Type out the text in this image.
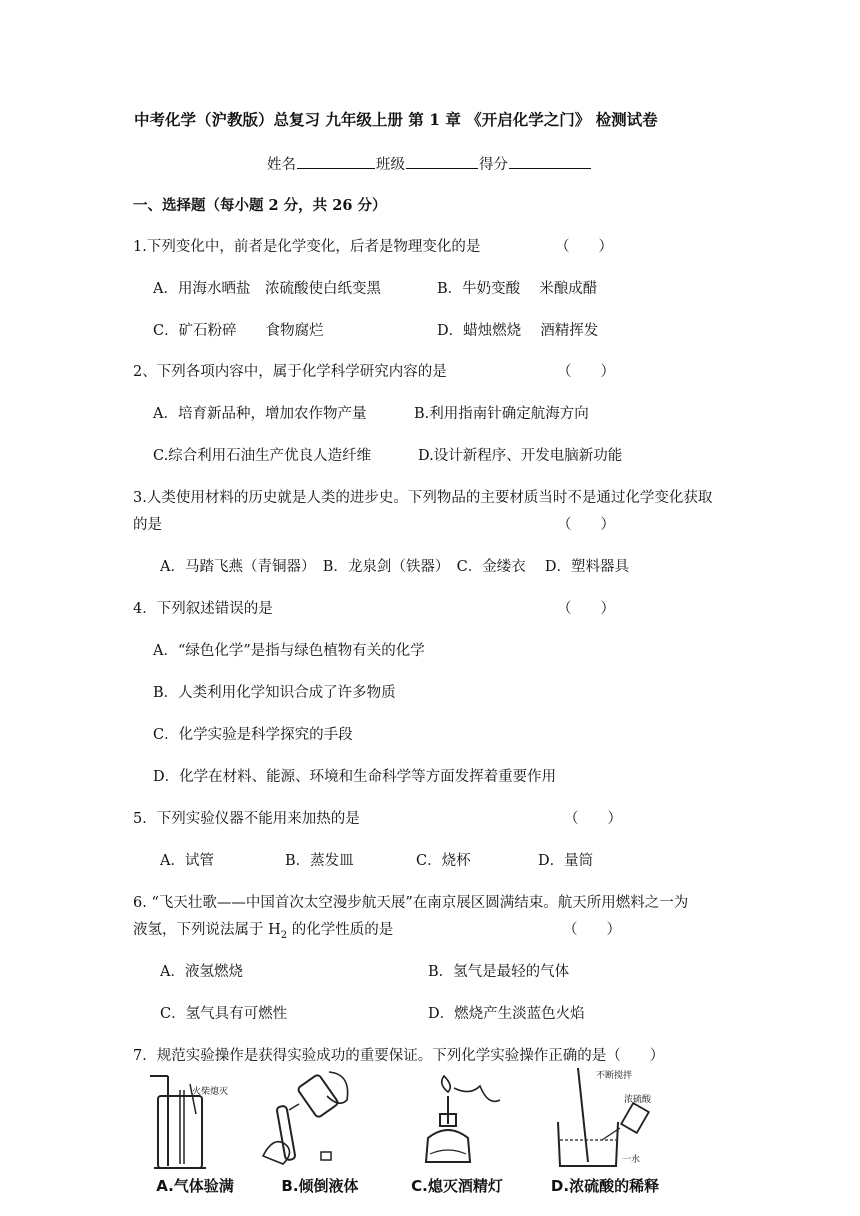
中考化学（沪教版）总复习 九年级上册 第 1 章 《开启化学之门》 检测试卷
姓名	班级	得分
一、选择题（每小题 2 分，共 26 分）
1.下列变化中，前者是化学变化，后者是物理变化的是	（　　）
A．用海水晒盐　浓硫酸使白纸变黑	B．牛奶变酸　 米酿成醋
C．矿石粉碎　　食物腐烂	D．蜡烛燃烧　 酒精挥发
2、下列各项内容中，属于化学科学研究内容的是	（　　）
A．培育新品种，增加农作物产量	B.利用指南针确定航海方向
C.综合利用石油生产优良人造纤维	D.设计新程序、开发电脑新功能
3.人类使用材料的历史就是人类的进步史。下列物品的主要材质当时不是通过化学变化获取
的是	（　　）
A．马踏飞燕（青铜器）　B．龙泉剑（铁器）　C．金缕衣　 D．塑料器具
4．下列叙述错误的是	（　　）
A．“绿色化学”是指与绿色植物有关的化学
B．人类利用化学知识合成了许多物质
C．化学实验是科学探究的手段
D．化学在材料、能源、环境和生命科学等方面发挥着重要作用
5．下列实验仪器不能用来加热的是	（　　）
A．试管	B．蒸发皿	C．烧杯	D．量筒
6. “飞天壮歌——中国首次太空漫步航天展”在南京展区圆满结束。航天所用燃料之一为
液氢，下列说法属于 $H_2$ 的化学性质的是	（　　）
A．液氢燃烧	B．氢气是最轻的气体
C．氢气具有可燃性	D．燃烧产生淡蓝色火焰
7．规范实验操作是获得实验成功的重要保证。下列化学实验操作正确的是（　　）
火柴熄灭
A.气体验满	B.倾倒液体	C.熄灭酒精灯
不断搅拌
浓硫酸
一水
D.浓硫酸的稀释
